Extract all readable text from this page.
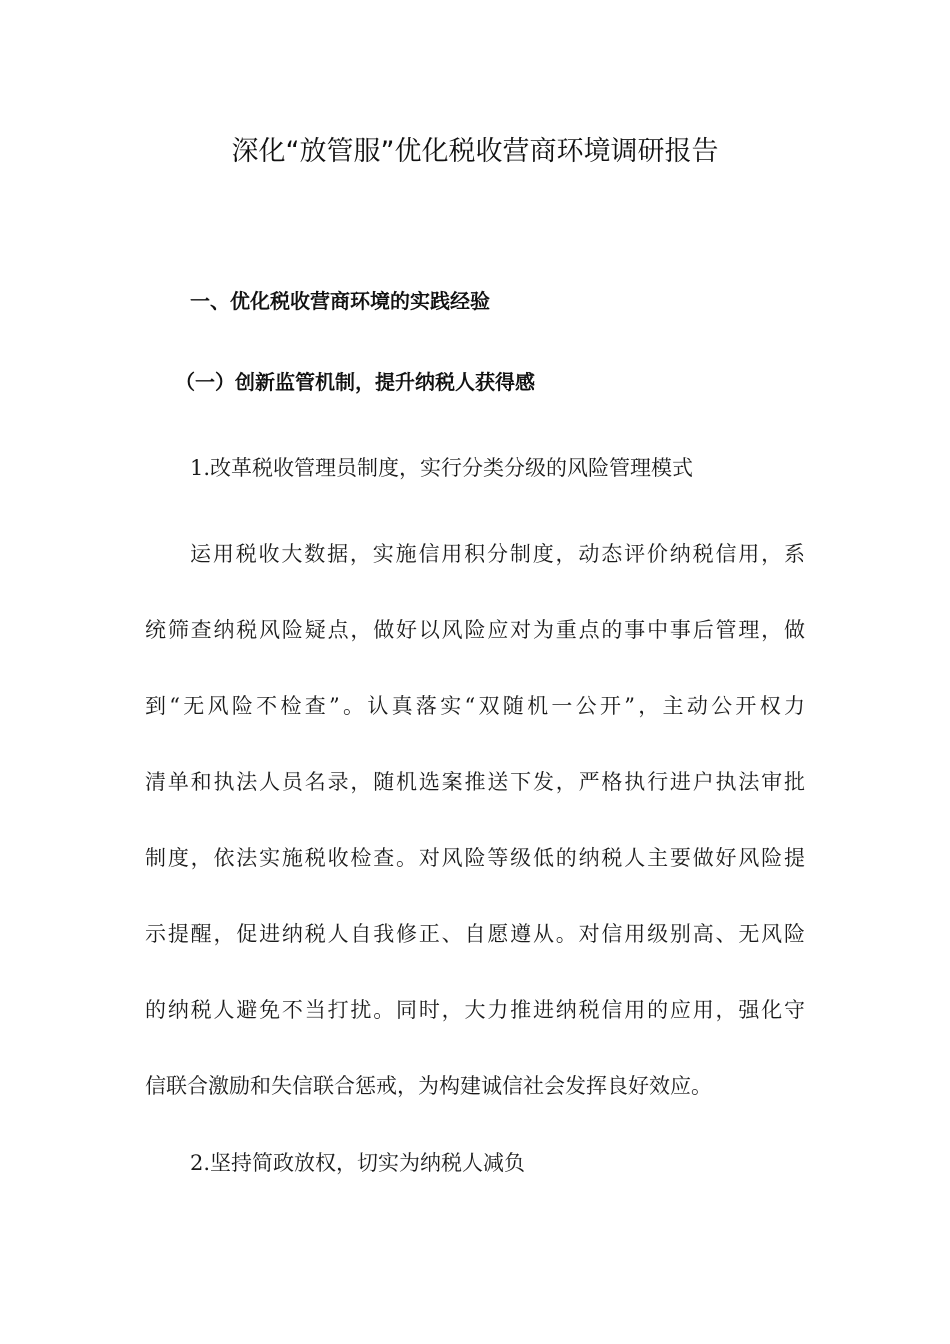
深化“放管服”优化税收营商环境调研报告
一、优化税收营商环境的实践经验
（一）创新监管机制，提升纳税人获得感
1.改革税收管理员制度，实行分类分级的风险管理模式
运用税收大数据，实施信用积分制度，动态评价纳税信用，系
统筛查纳税风险疑点，做好以风险应对为重点的事中事后管理，做
到“无风险不检查”。认真落实“双随机一公开”，主动公开权力
清单和执法人员名录，随机选案推送下发，严格执行进户执法审批
制度，依法实施税收检查。对风险等级低的纳税人主要做好风险提
示提醒，促进纳税人自我修正、自愿遵从。对信用级别高、无风险
的纳税人避免不当打扰。同时，大力推进纳税信用的应用，强化守
信联合激励和失信联合惩戒，为构建诚信社会发挥良好效应。
2.坚持简政放权，切实为纳税人减负
